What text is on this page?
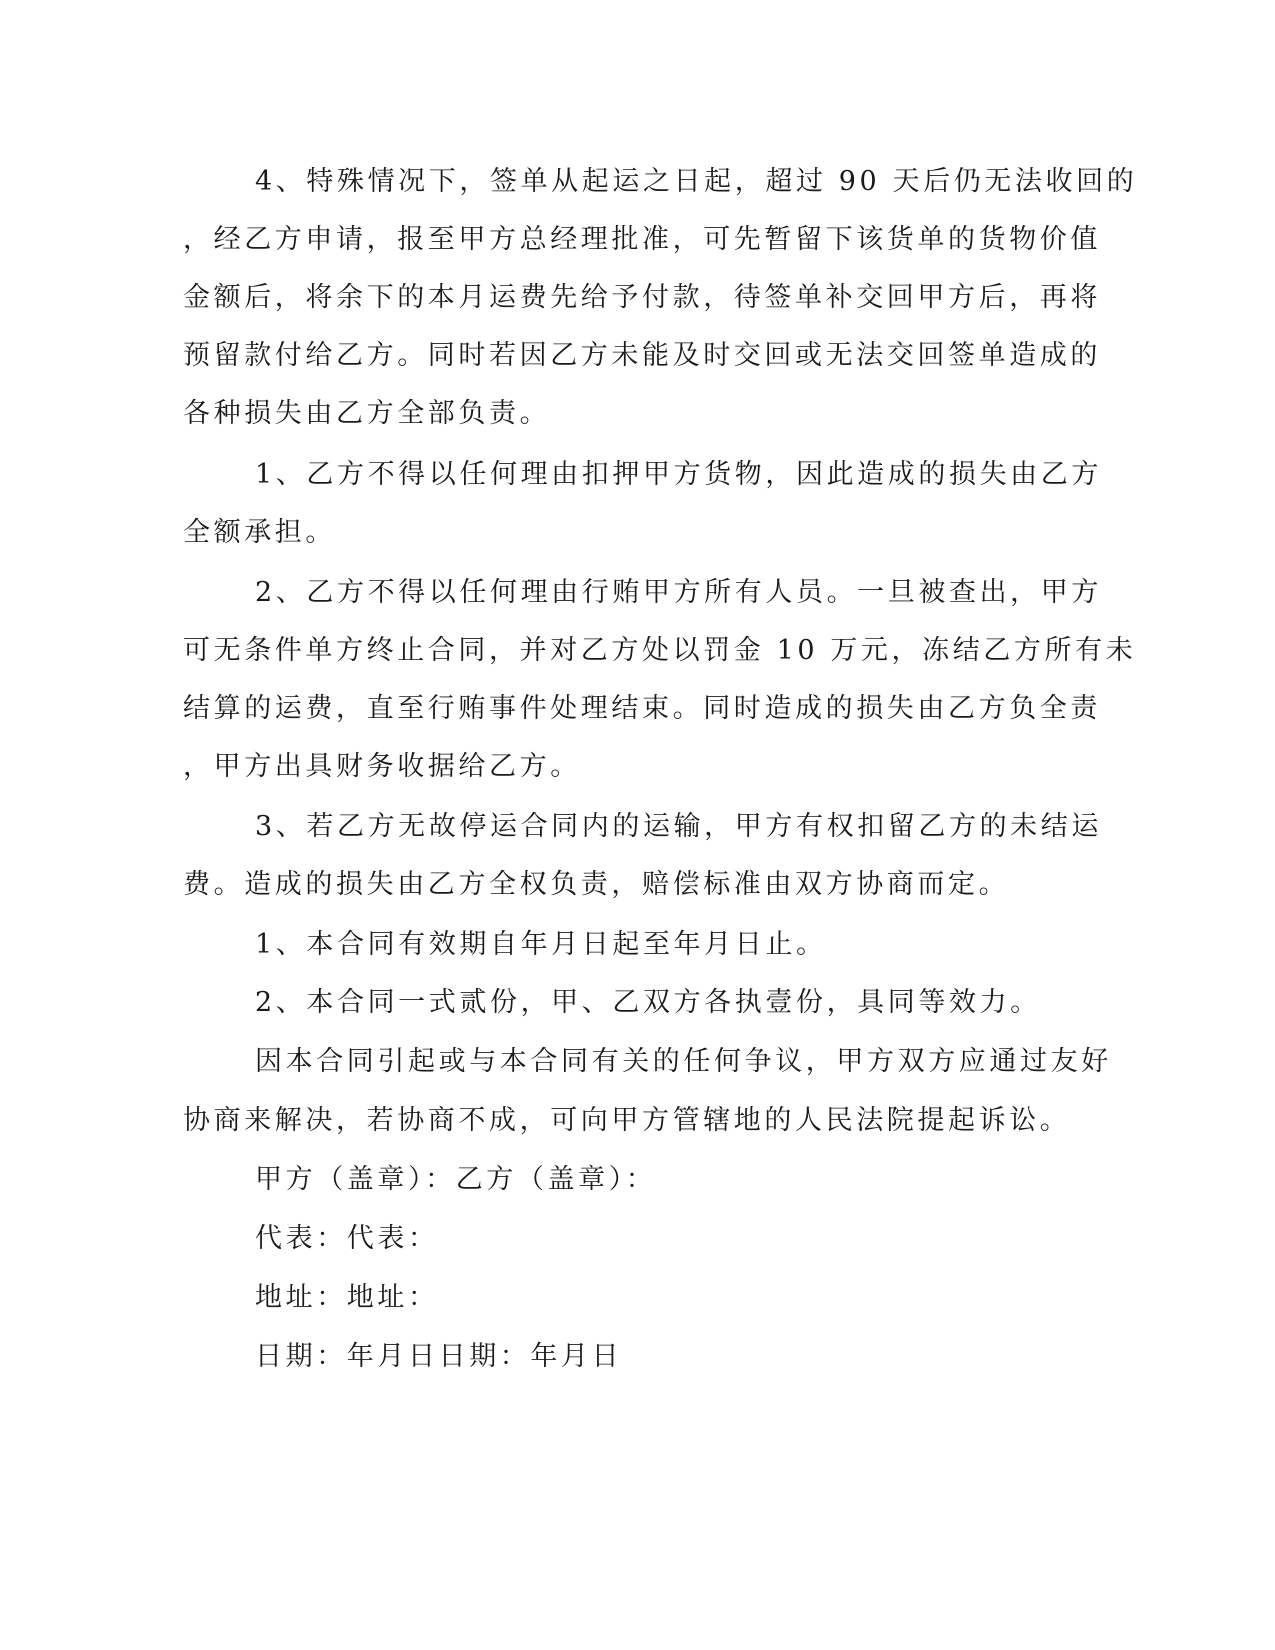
4、特殊情况下，签单从起运之日起，超过 90 天后仍无法收回的
，经乙方申请，报至甲方总经理批准，可先暂留下该货单的货物价值
金额后，将余下的本月运费先给予付款，待签单补交回甲方后，再将
预留款付给乙方。同时若因乙方未能及时交回或无法交回签单造成的
各种损失由乙方全部负责。
1、乙方不得以任何理由扣押甲方货物，因此造成的损失由乙方
全额承担。
2、乙方不得以任何理由行贿甲方所有人员。一旦被查出，甲方
可无条件单方终止合同，并对乙方处以罚金 10 万元，冻结乙方所有未
结算的运费，直至行贿事件处理结束。同时造成的损失由乙方负全责
，甲方出具财务收据给乙方。
3、若乙方无故停运合同内的运输，甲方有权扣留乙方的未结运
费。造成的损失由乙方全权负责，赔偿标准由双方协商而定。
1、本合同有效期自年月日起至年月日止。
2、本合同一式贰份，甲、乙双方各执壹份，具同等效力。
因本合同引起或与本合同有关的任何争议，甲方双方应通过友好
协商来解决，若协商不成，可向甲方管辖地的人民法院提起诉讼。
甲方（盖章）：乙方（盖章）：
代表：代表：
地址：地址：
日期：年月日日期：年月日
